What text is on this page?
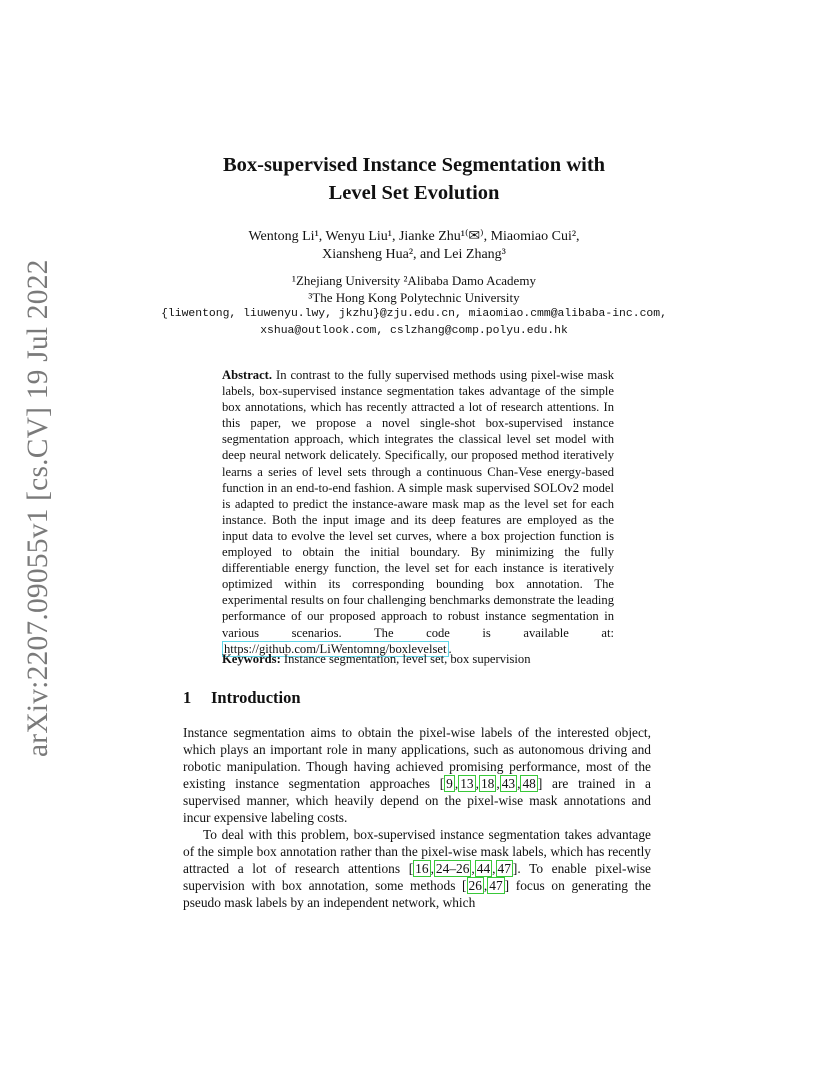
arXiv:2207.09055v1 [cs.CV] 19 Jul 2022
Box-supervised Instance Segmentation with
Level Set Evolution
Wentong Li¹, Wenyu Liu¹, Jianke Zhu¹⁽✉⁾, Miaomiao Cui²,
Xiansheng Hua², and Lei Zhang³
¹Zhejiang University ²Alibaba Damo Academy
³The Hong Kong Polytechnic University
{liwentong, liuwenyu.lwy, jkzhu}@zju.edu.cn, miaomiao.cmm@alibaba-inc.com,
xshua@outlook.com, cslzhang@comp.polyu.edu.hk
Abstract. In contrast to the fully supervised methods using pixel-wise mask labels, box-supervised instance segmentation takes advantage of the simple box annotations, which has recently attracted a lot of research attentions. In this paper, we propose a novel single-shot box-supervised instance segmentation approach, which integrates the classical level set model with deep neural network delicately. Specifically, our proposed method iteratively learns a series of level sets through a continuous Chan-Vese energy-based function in an end-to-end fashion. A simple mask supervised SOLOv2 model is adapted to predict the instance-aware mask map as the level set for each instance. Both the input image and its deep features are employed as the input data to evolve the level set curves, where a box projection function is employed to obtain the initial boundary. By minimizing the fully differentiable energy function, the level set for each instance is iteratively optimized within its corresponding bounding box annotation. The experimental results on four challenging benchmarks demonstrate the leading performance of our proposed approach to robust instance segmentation in various scenarios. The code is available at: https://github.com/LiWentomng/boxlevelset .
Keywords: Instance segmentation, level set, box supervision
1 Introduction

Instance segmentation aims to obtain the pixel-wise labels of the interested object, which plays an important role in many applications, such as autonomous driving and robotic manipulation. Though having achieved promising performance, most of the existing instance segmentation approaches [ 9 , 13 , 18 , 43 , 48 ] are trained in a supervised manner, which heavily depend on the pixel-wise mask annotations and incur expensive labeling costs.

To deal with this problem, box-supervised instance segmentation takes advantage of the simple box annotation rather than the pixel-wise mask labels, which has recently attracted a lot of research attentions [ 16 , 24–26 , 44 , 47 ]. To enable pixel-wise supervision with box annotation, some methods [ 26 , 47 ] focus on generating the pseudo mask labels by an independent network, which
